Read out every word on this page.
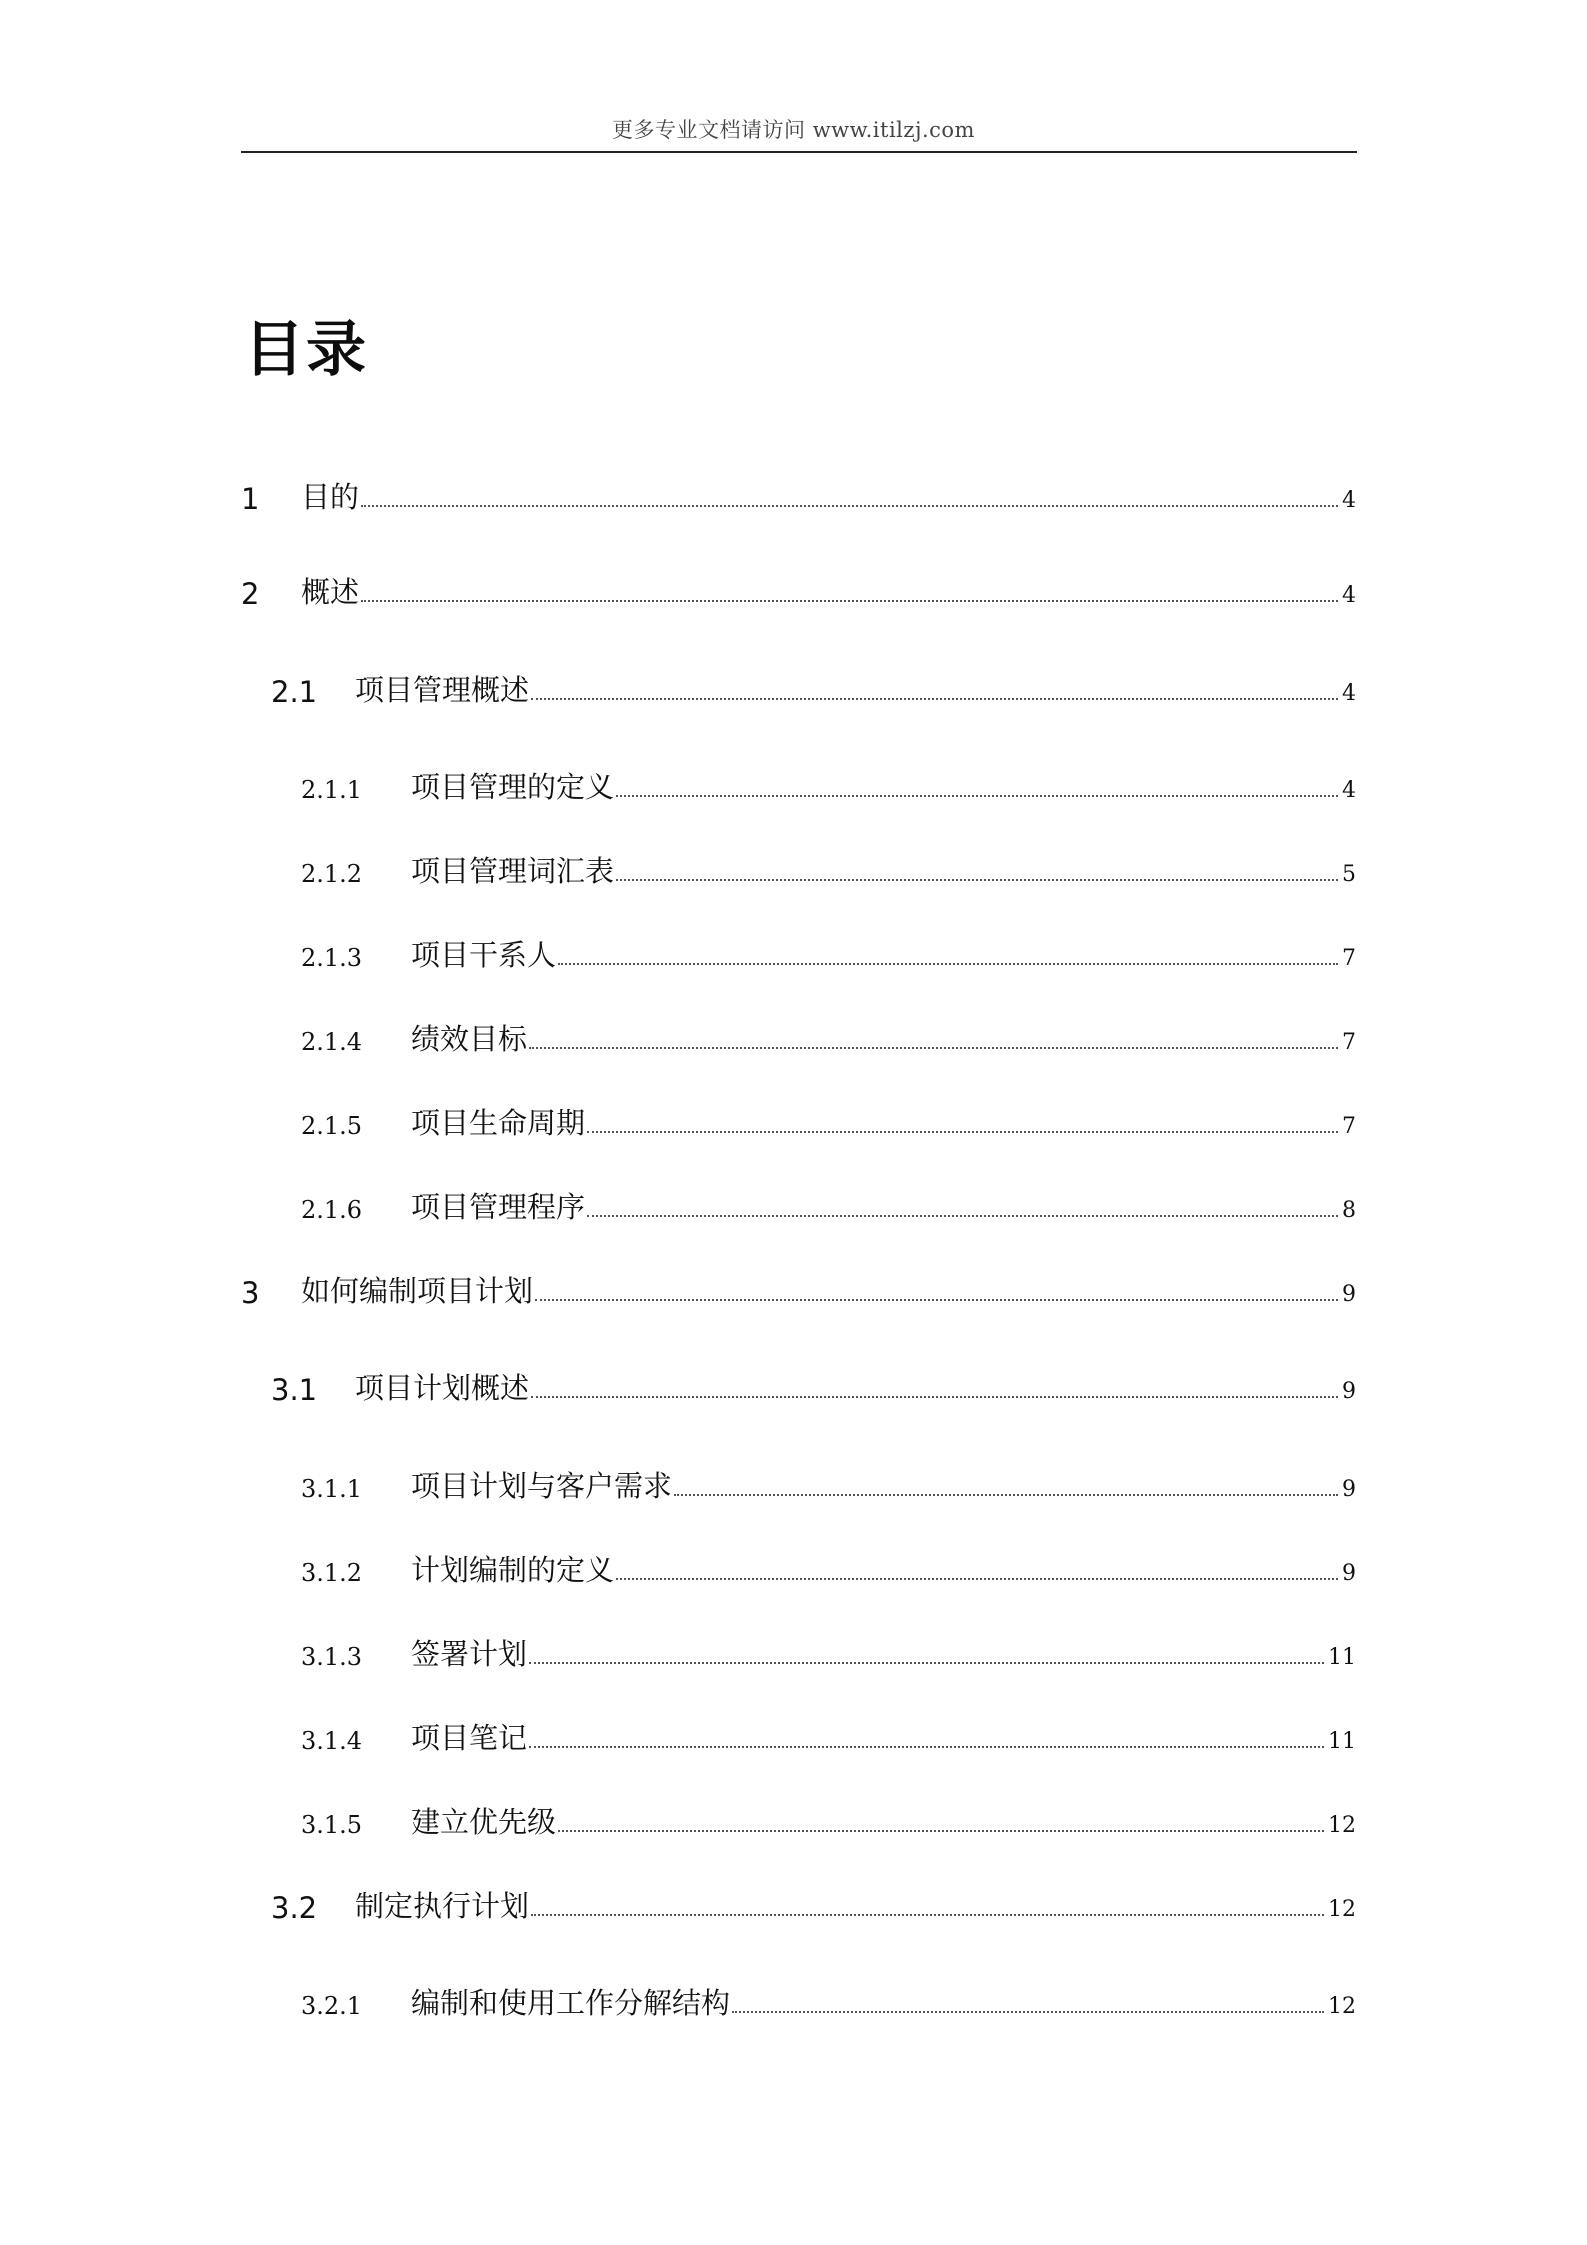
更多专业文档请访问 www.itilzj.com
目录
1	目的	4
2	概述	4
2.1	项目管理概述	4
2.1.1	项目管理的定义	4
2.1.2	项目管理词汇表	5
2.1.3	项目干系人	7
2.1.4	绩效目标	7
2.1.5	项目生命周期	7
2.1.6	项目管理程序	8
3	如何编制项目计划	9
3.1	项目计划概述	9
3.1.1	项目计划与客户需求	9
3.1.2	计划编制的定义	9
3.1.3	签署计划	11
3.1.4	项目笔记	11
3.1.5	建立优先级	12
3.2	制定执行计划	12
3.2.1	编制和使用工作分解结构	12
